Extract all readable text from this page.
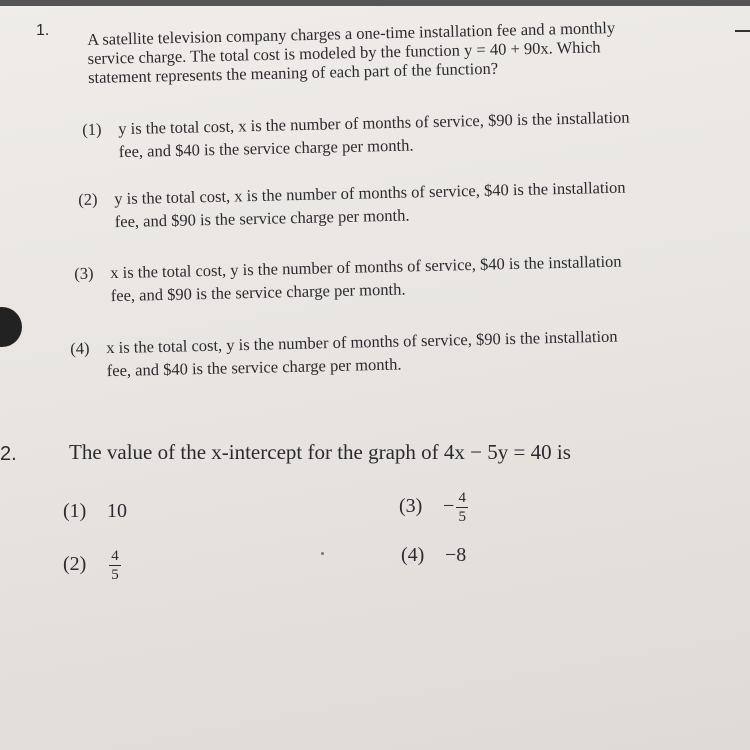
1. A satellite television company charges a one-time installation fee and a monthly service charge. The total cost is modeled by the function y = 40 + 90x. Which statement represents the meaning of each part of the function?
(1) y is the total cost, x is the number of months of service, $90 is the installation fee, and $40 is the service charge per month.
(2) y is the total cost, x is the number of months of service, $40 is the installation fee, and $90 is the service charge per month.
(3) x is the total cost, y is the number of months of service, $40 is the installation fee, and $90 is the service charge per month.
(4) x is the total cost, y is the number of months of service, $90 is the installation fee, and $40 is the service charge per month.
2. The value of the x-intercept for the graph of 4x − 5y = 40 is
(1) 10
$(2) \frac{4}{5}$
$(3) - \frac{4}{5}$
(4) −8
